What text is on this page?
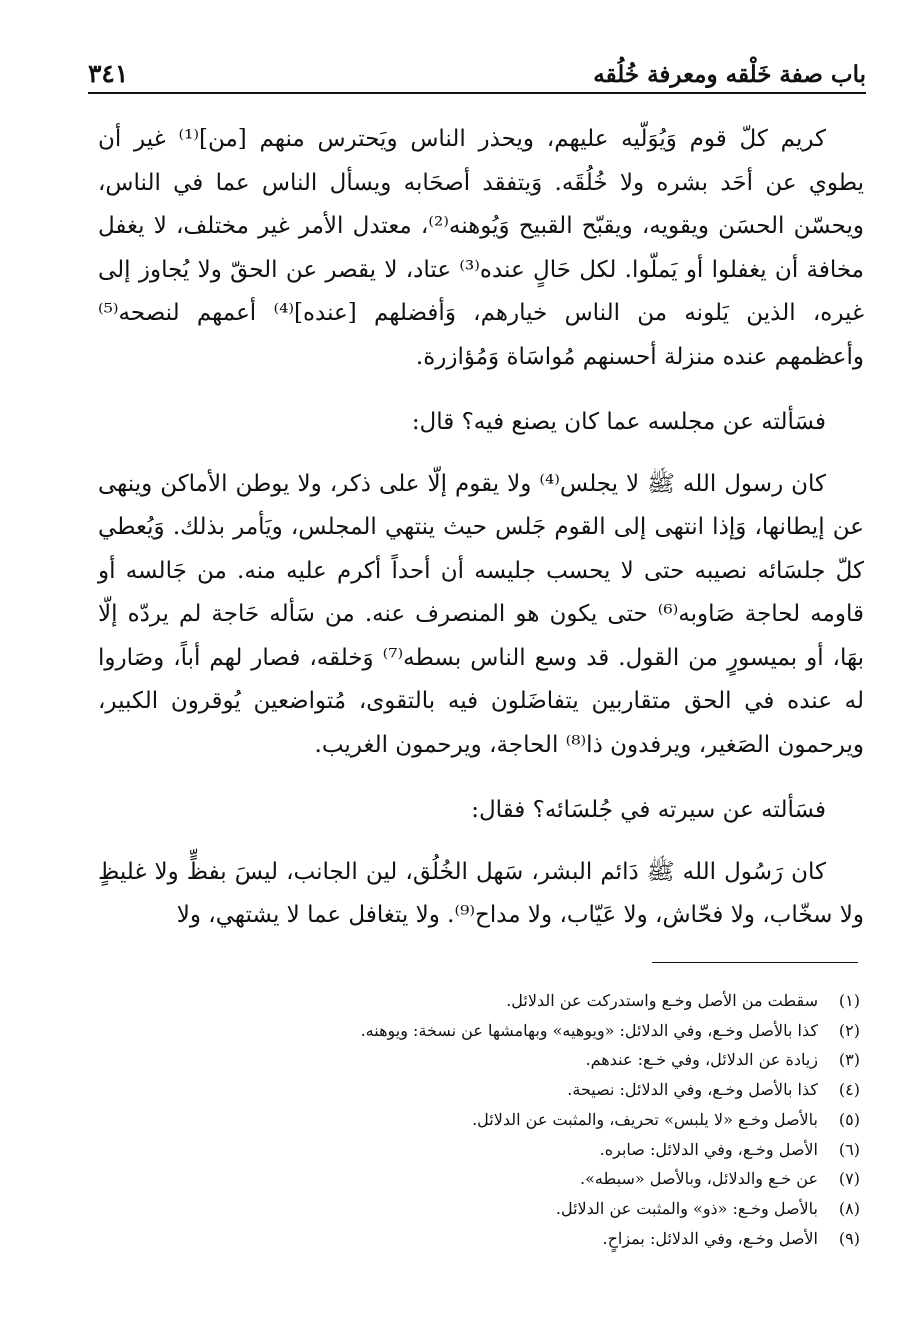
باب صفة خَلْقه ومعرفة خُلُقه
٣٤١

كريم كلّ قوم وَيُوَلّيه عليهم، ويحذر الناس ويَحترس منهم [من]⁽¹⁾ غير أن يطوي عن أحَد بشره ولا خُلُقَه. وَيتفقد أصحَابه ويسأل الناس عما في الناس، ويحسّن الحسَن ويقويه، ويقبّح القبيح وَيُوهنه⁽²⁾، معتدل الأمر غير مختلف، لا يغفل مخافة أن يغفلوا أو يَملّوا. لكل حَالٍ عنده⁽³⁾ عتاد، لا يقصر عن الحقّ ولا يُجاوز إلى غيره، الذين يَلونه من الناس خيارهم، وَأفضلهم [عنده]⁽⁴⁾ أعمهم لنصحه⁽⁵⁾ وأعظمهم عنده منزلة أحسنهم مُواسَاة وَمُؤازرة.

فسَألته عن مجلسه عما كان يصنع فيه؟ قال:

كان رسول الله ﷺ لا يجلس⁽⁴⁾ ولا يقوم إلّا على ذكر، ولا يوطن الأماكن وينهى عن إيطانها، وَإذا انتهى إلى القوم جَلس حيث ينتهي المجلس، ويَأمر بذلك. وَيُعطي كلّ جلسَائه نصيبه حتى لا يحسب جليسه أن أحداً أكرم عليه منه. من جَالسه أو قاومه لحاجة صَاوبه⁽⁶⁾ حتى يكون هو المنصرف عنه. من سَأله حَاجة لم يردّه إلّا بهَا، أو بميسورٍ من القول. قد وسع الناس بسطه⁽⁷⁾ وَخلقه، فصار لهم أباً، وصَاروا له عنده في الحق متقاربين يتفاضَلون فيه بالتقوى، مُتواضعين يُوقرون الكبير، ويرحمون الصَغير، ويرفدون ذا⁽⁸⁾ الحاجة، ويرحمون الغريب.

فسَألته عن سيرته في جُلسَائه؟ فقال:

كان رَسُول الله ﷺ دَائم البشر، سَهل الخُلُق، لين الجانب، ليسَ بفظٍّ ولا غليظٍ ولا سخّاب، ولا فحّاش، ولا عَيّاب، ولا مداح⁽⁹⁾. ولا يتغافل عما لا يشتهي، ولا

(١)
سقطت من الأصل وخـع واستدركت عن الدلائل.
(٢)
كذا بالأصل وخـع، وفي الدلائل: «ويوهيه» وبهامشها عن نسخة: ويوهنه.
(٣)
زيادة عن الدلائل، وفي خـع: عندهم.
(٤)
كذا بالأصل وخـع، وفي الدلائل: نصيحة.
(٥)
بالأصل وخـع «لا يلبس» تحريف، والمثبت عن الدلائل.
(٦)
الأصل وخـع، وفي الدلائل: صابره.
(٧)
عن خـع والدلائل، وبالأصل «سبطه».
(٨)
بالأصل وخـع: «ذو» والمثبت عن الدلائل.
(٩)
الأصل وخـع، وفي الدلائل: بمزاحٍ.
